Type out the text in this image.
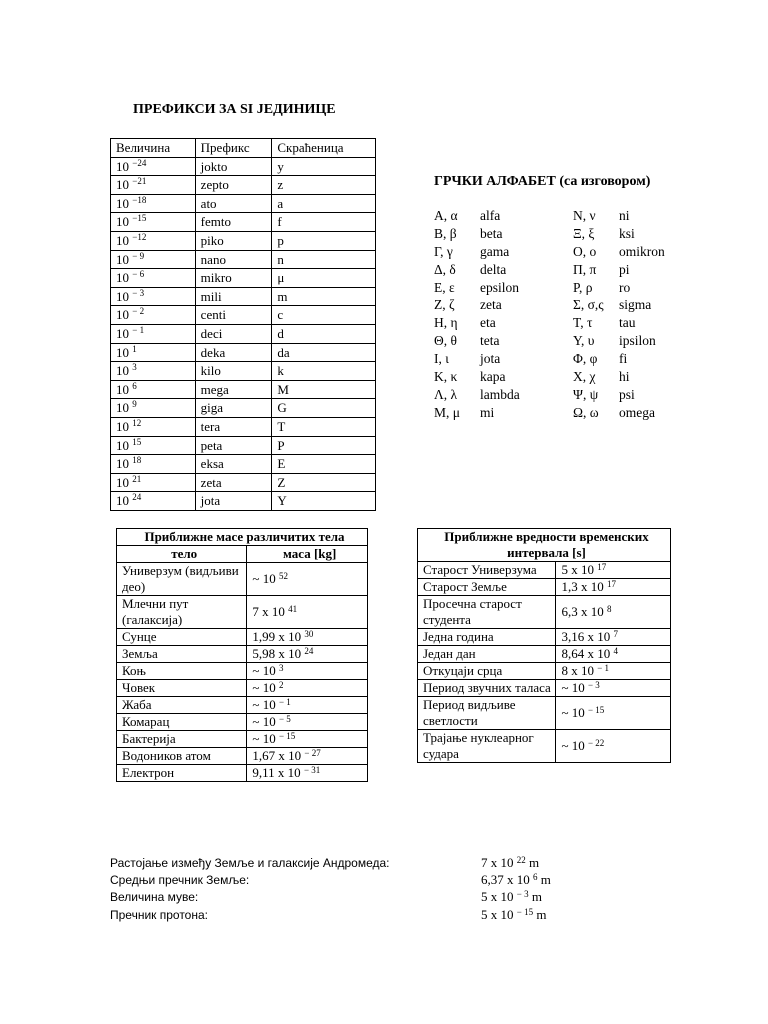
ПРЕФИКСИ ЗА SI ЈЕДИНИЦЕ
Величина	Префикс	Скраћеница
10 $^{-24}$	jokto	y
10 $^{-21}$	zepto	z
10 $^{-18}$	ato	a
10 $^{-15}$	femto	f
10 $^{-12}$	piko	p
10 $^{- 9}$	nano	n
10 $^{- 6}$	mikro	μ
10 $^{- 3}$	mili	m
10 $^{- 2}$	centi	c
10 $^{- 1}$	deci	d
10 $^1$	deka	da
10 $^3$	kilo	k
10 $^6$	mega	M
10 $^9$	giga	G
10 $^{12}$	tera	T
10 $^{15}$	peta	P
10 $^{18}$	eksa	E
10 $^{21}$	zeta	Z
10 $^{24}$	jota	Y
ГРЧКИ АЛФАБЕТ (са изговором)
Α, α	alfa	Ν, ν	ni
Β, β	beta	Ξ, ξ	ksi
Γ, γ	gama	Ο, ο	omikron
Δ, δ	delta	Π, π	pi
Ε, ε	epsilon	Ρ, ρ	ro
Ζ, ζ	zeta	Σ, σ,ς	sigma
Η, η	eta	Τ, τ	tau
Θ, θ	teta	Υ, υ	ipsilon
Ι, ι	jota	Φ, φ	fi
Κ, κ	kapa	Χ, χ	hi
Λ, λ	lambda	Ψ, ψ	psi
Μ, μ	mi	Ω, ω	omega
Приближне масе различитих тела	
тело	маса [kg]
Универзум (видљиви део)	~ 10 $^{52}$
Млечни пут (галаксија)	7 x 10 $^{41}$
Сунце	1,99 x 10 $^{30}$
Земља	5,98 x 10 $^{24}$
Коњ	~ 10 $^3$
Човек	~ 10 $^2$
Жаба	~ 10 $^{- 1}$
Комарац	~ 10 $^{- 5}$
Бактерија	~ 10 $^{- 15}$
Водоников атом	1,67 x 10 $^{- 27}$
Електрон	9,11 x 10 $^{- 31}$
Приближне вредности временских интервала [s]	
Старост Универзума	5 x 10 $^{17}$
Старост Земље	1,3 x 10 $^{17}$
Просечна старост студента	6,3 x 10 $^8$
Једна година	3,16 x 10 $^7$
Један дан	8,64 x 10 $^4$
Откуцаји срца	8 x 10 $^{- 1}$
Период звучних таласа	~ 10 $^{- 3}$
Период видљиве светлости	~ 10 $^{- 15}$
Трајање нуклеарног судара	~ 10 $^{- 22}$
Растојање између Земље и галаксије Андромеда:	7 x 10 $^{22}$ m
Средњи пречник Земље:	6,37 x 10 $^6$ m
Величина муве:	5 x 10 $^{- 3}$ m
Пречник протона:	5 x 10 $^{- 15}$ m
